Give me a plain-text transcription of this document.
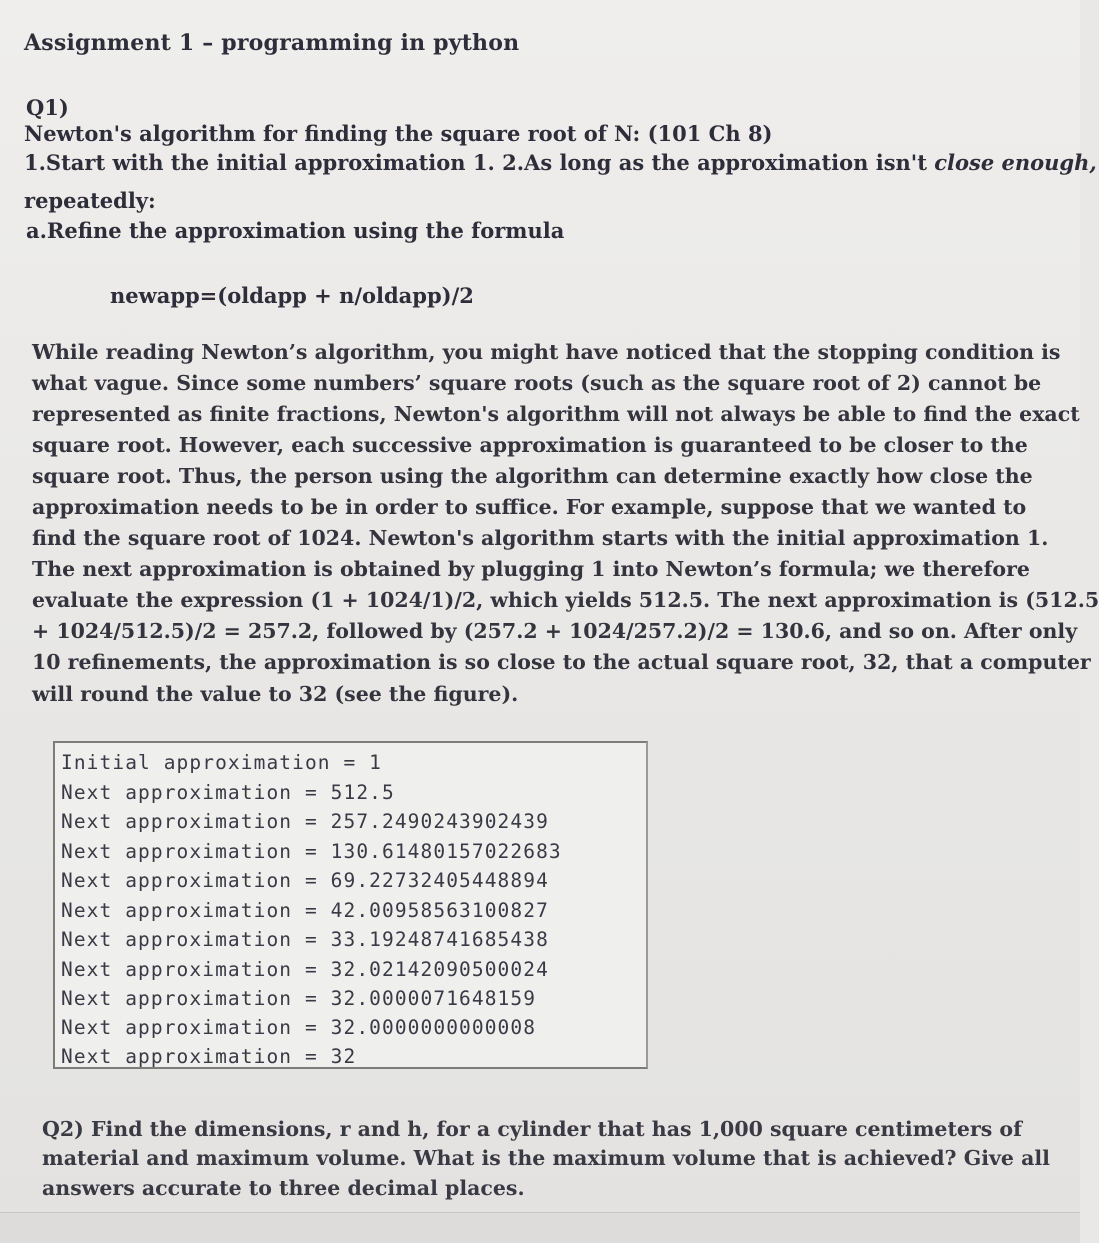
Assignment 1 – programming in python
Q1)
Newton's algorithm for finding the square root of N: (101 Ch 8)
1.Start with the initial approximation 1. 2.As long as the approximation isn't close enough,
repeatedly:
a.Refine the approximation using the formula
newapp=(oldapp + n/oldapp)/2
While reading Newton’s algorithm, you might have noticed that the stopping condition is
what vague. Since some numbers’ square roots (such as the square root of 2) cannot be
represented as finite fractions, Newton's algorithm will not always be able to find the exact
square root. However, each successive approximation is guaranteed to be closer to the
square root. Thus, the person using the algorithm can determine exactly how close the
approximation needs to be in order to suffice. For example, suppose that we wanted to
find the square root of 1024. Newton's algorithm starts with the initial approximation 1.
The next approximation is obtained by plugging 1 into Newton’s formula; we therefore
evaluate the expression (1 + 1024/1)/2, which yields 512.5. The next approximation is (512.5
+ 1024/512.5)/2 = 257.2, followed by (257.2 + 1024/257.2)/2 = 130.6, and so on. After only
10 refinements, the approximation is so close to the actual square root, 32, that a computer
will round the value to 32 (see the figure).
Initial approximation = 1
Next approximation = 512.5
Next approximation = 257.2490243902439
Next approximation = 130.61480157022683
Next approximation = 69.22732405448894
Next approximation = 42.00958563100827
Next approximation = 33.19248741685438
Next approximation = 32.02142090500024
Next approximation = 32.0000071648159
Next approximation = 32.0000000000008
Next approximation = 32
Q2) Find the dimensions, r and h, for a cylinder that has 1,000 square centimeters of
material and maximum volume. What is the maximum volume that is achieved? Give all
answers accurate to three decimal places.
